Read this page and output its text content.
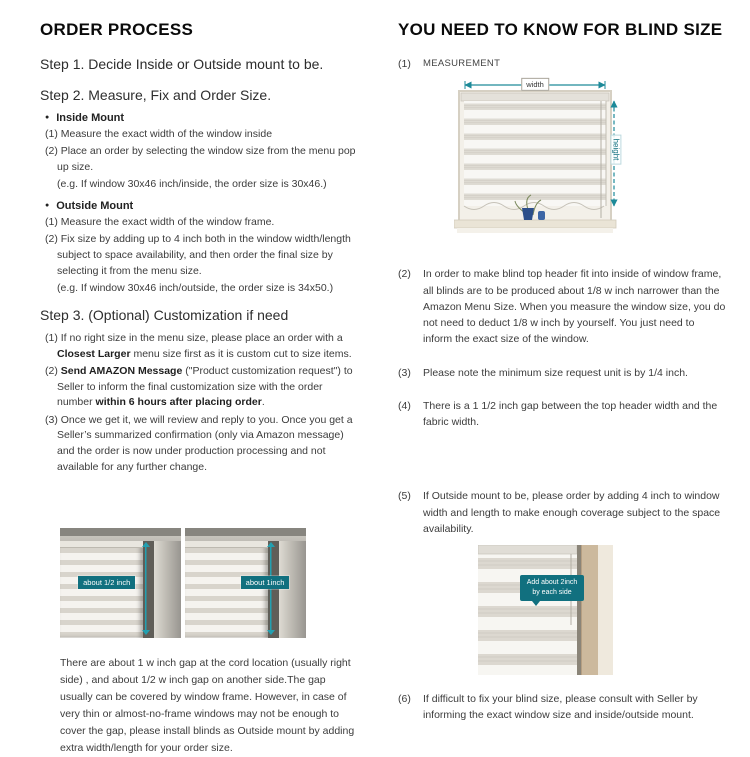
ORDER PROCESS

Step 1. Decide Inside or Outside mount to be.

Step 2. Measure, Fix and Order Size.

● Inside Mount

(1) Measure the exact width of the window inside

(2) Place an order by selecting the window size from the menu pop up size.

(e.g. If window 30x46 inch/inside, the order size is 30x46.)

● Outside Mount

(1) Measure the exact width of the window frame.

(2) Fix size by adding up to 4 inch both in the window width/length subject to space availability, and then order the final size by selecting it from the menu size.

(e.g. If window 30x46 inch/outside, the order size is 34x50.)

Step 3. (Optional) Customization if need

(1) If no right size in the menu size, please place an order with a Closest Larger menu size first as it is custom cut to size items.

(2) Send AMAZON Message ("Product customization request") to Seller to inform the final customization size with the order number within 6 hours after placing order.

(3) Once we get it, we will review and reply to you. Once you get a Seller’s summarized confirmation (only via Amazon message) and the order is now under production processing and not available for any further change.

about 1/2 inch	about 1inch

There are about 1 w inch gap at the cord location (usually right side) , and about 1/2 w inch gap on another side.The gap usually can be covered by window frame. However, in case of very thin or almost-no-frame windows may not be enough to cover the gap, please install blinds as Outside mount by adding extra width/length for your order size.

YOU NEED TO KNOW FOR BLIND SIZE
(1)	MEASUREMENT
width
height
(2)	In order to make blind top header fit into inside of window frame, all blinds are to be produced about 1/8 w inch narrower than the Amazon Menu Size. When you measure the window size, you do not need to deduct 1/8 w inch by yourself. You just need to inform the exact size of the window.
(3)	Please note the minimum size request unit is by 1/4 inch.
(4)	There is a 1 1/2 inch gap between the top header width and the fabric width.
(5)	If Outside mount to be, please order by adding 4 inch to window width and length to make enough coverage subject to the space availability.
Add about 2inch by each side
(6)	If difficult to fix your blind size, please consult with Seller by informing the exact window size and inside/outside mount.
